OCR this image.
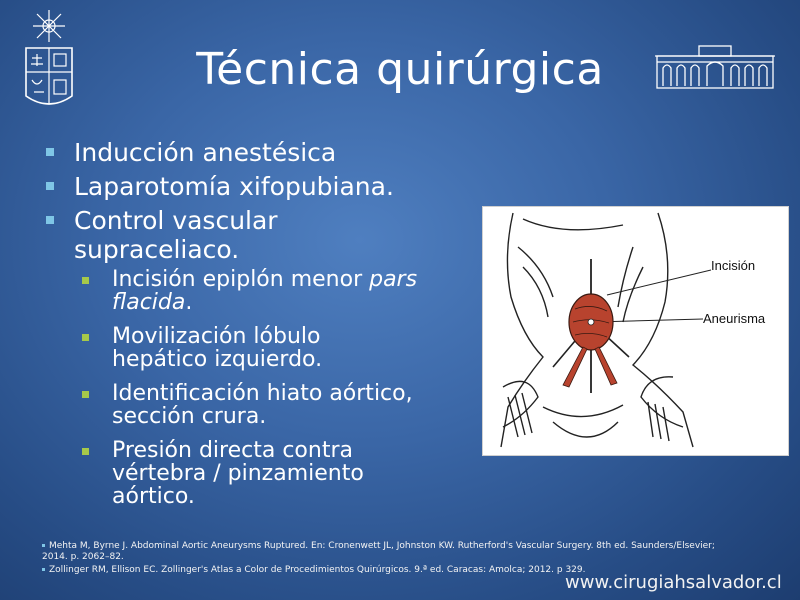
Técnica quirúrgica
Inducción anestésica
Laparotomía xifopubiana.
Control vascular supraceliaco.
Incisión epiplón menor pars flacida.
Movilización lóbulo hepático izquierdo.
Identificación hiato aórtico, sección crura.
Presión directa contra vértebra / pinzamiento aórtico.
Incisión
Aneurisma

Mehta M, Byrne J. Abdominal Aortic Aneurysms Ruptured. En: Cronenwett JL, Johnston KW. Rutherford's Vascular Surgery. 8th ed. Saunders/Elsevier; 2014. p. 2062–82.

Zollinger RM, Ellison EC. Zollinger's Atlas a Color de Procedimientos Quirúrgicos. 9.ª ed. Caracas: Amolca; 2012. p 329.

www.cirugiahsalvador.cl
